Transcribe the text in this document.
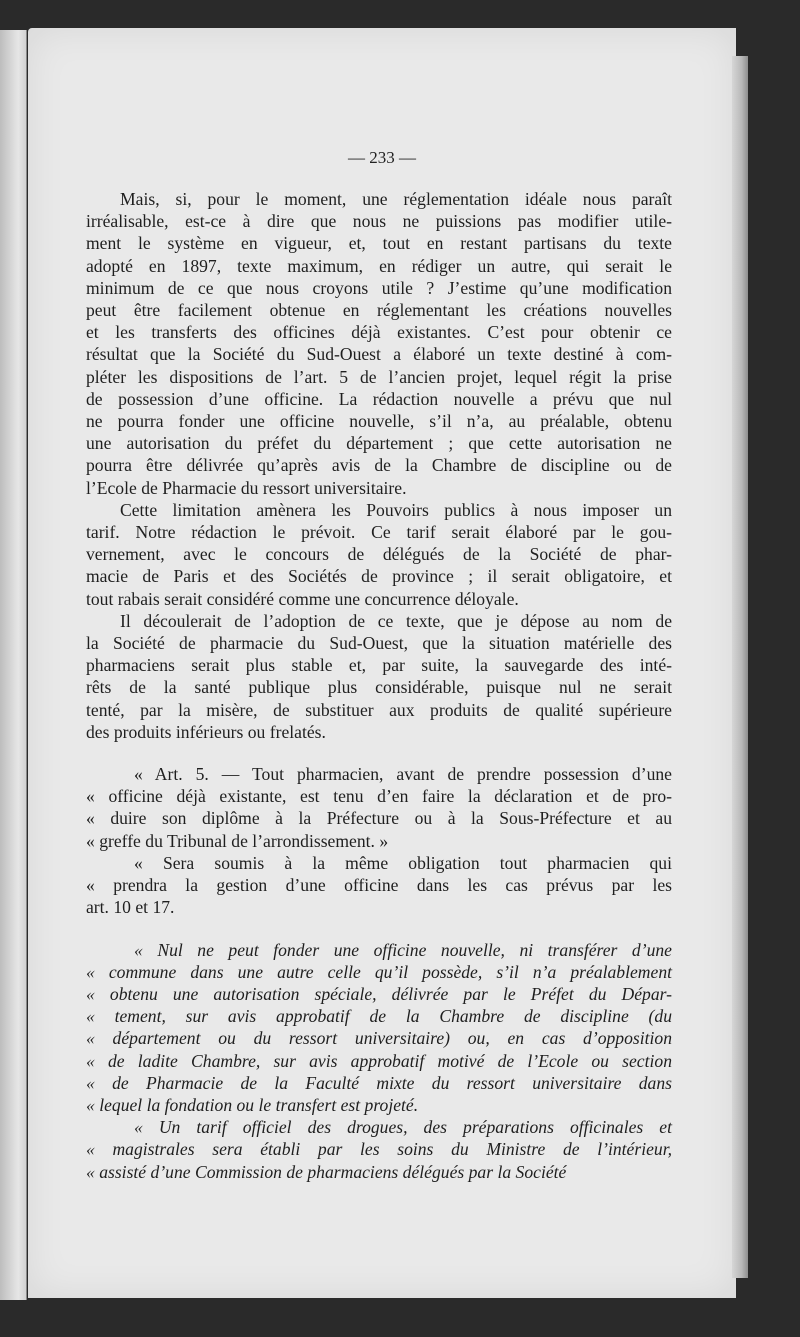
— 233 —
Mais, si, pour le moment, une réglementation idéale nous paraît
irréalisable, est-ce à dire que nous ne puissions pas modifier utile-
ment le système en vigueur, et, tout en restant partisans du texte
adopté en 1897, texte maximum, en rédiger un autre, qui serait le
minimum de ce que nous croyons utile ? J’estime qu’une modification
peut être facilement obtenue en réglementant les créations nouvelles
et les transferts des officines déjà existantes. C’est pour obtenir ce
résultat que la Société du Sud-Ouest a élaboré un texte destiné à com-
pléter les dispositions de l’art. 5 de l’ancien projet, lequel régit la prise
de possession d’une officine. La rédaction nouvelle a prévu que nul
ne pourra fonder une officine nouvelle, s’il n’a, au préalable, obtenu
une autorisation du préfet du département ; que cette autorisation ne
pourra être délivrée qu’après avis de la Chambre de discipline ou de
l’Ecole de Pharmacie du ressort universitaire.
Cette limitation amènera les Pouvoirs publics à nous imposer un
tarif. Notre rédaction le prévoit. Ce tarif serait élaboré par le gou-
vernement, avec le concours de délégués de la Société de phar-
macie de Paris et des Sociétés de province ; il serait obligatoire, et
tout rabais serait considéré comme une concurrence déloyale.
Il découlerait de l’adoption de ce texte, que je dépose au nom de
la Société de pharmacie du Sud-Ouest, que la situation matérielle des
pharmaciens serait plus stable et, par suite, la sauvegarde des inté-
rêts de la santé publique plus considérable, puisque nul ne serait
tenté, par la misère, de substituer aux produits de qualité supérieure
des produits inférieurs ou frelatés.
« Art. 5. — Tout pharmacien, avant de prendre possession d’une
« officine déjà existante, est tenu d’en faire la déclaration et de pro-
« duire son diplôme à la Préfecture ou à la Sous-Préfecture et au
« greffe du Tribunal de l’arrondissement. »
« Sera soumis à la même obligation tout pharmacien qui
« prendra la gestion d’une officine dans les cas prévus par les
art. 10 et 17.
« Nul ne peut fonder une officine nouvelle, ni transférer d’une
« commune dans une autre celle qu’il possède, s’il n’a préalablement
« obtenu une autorisation spéciale, délivrée par le Préfet du Dépar-
« tement, sur avis approbatif de la Chambre de discipline (du
« département ou du ressort universitaire) ou, en cas d’opposition
« de ladite Chambre, sur avis approbatif motivé de l’Ecole ou section
« de Pharmacie de la Faculté mixte du ressort universitaire dans
« lequel la fondation ou le transfert est projeté.
« Un tarif officiel des drogues, des préparations officinales et
« magistrales sera établi par les soins du Ministre de l’intérieur,
« assisté d’une Commission de pharmaciens délégués par la Société
